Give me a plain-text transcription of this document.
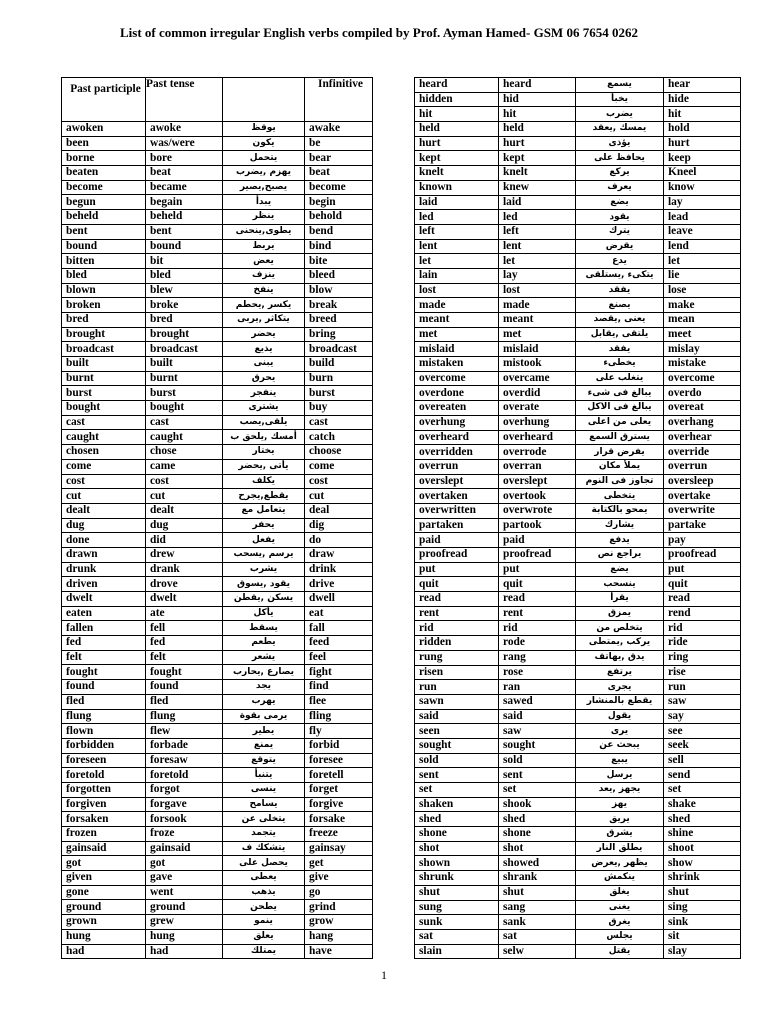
List of common irregular English verbs compiled by Prof. Ayman Hamed- GSM 06 7654 0262
Past participle	Past tense		Infinitive
awoken	awoke	يوقظ	awake
been	was/were	يكون	be
borne	bore	يتحمل	bear
beaten	beat	يهزم ,يضرب	beat
become	became	يصبح,يصير	become
begun	begain	يبدأ	begin
beheld	beheld	ينظر	behold
bent	bent	يطوى,ينحنى	bend
bound	bound	يربط	bind
bitten	bit	يعض	bite
bled	bled	ينزف	bleed
blown	blew	ينفخ	blow
broken	broke	يكسر ,يحطم	break
bred	bred	يتكاثر ,يربى	breed
brought	brought	يحضر	bring
broadcast	broadcast	يذيع	broadcast
built	built	يبنى	build
burnt	burnt	يحرق	burn
burst	burst	ينفجر	burst
bought	bought	يشترى	buy
cast	cast	يلقى,يصب	cast
caught	caught	أمسك ,يلحق ب	catch
chosen	chose	يختار	choose
come	came	يأتى ,يحضر	come
cost	cost	يكلف	cost
cut	cut	يقطع,يجرح	cut
dealt	dealt	يتعامل مع	deal
dug	dug	يحفر	dig
done	did	يفعل	do
drawn	drew	يرسم ,يسحب	draw
drunk	drank	يشرب	drink
driven	drove	يقود ,يسوق	drive
dwelt	dwelt	يسكن ,يقطن	dwell
eaten	ate	يأكل	eat
fallen	fell	يسقط	fall
fed	fed	يطعم	feed
felt	felt	يشعر	feel
fought	fought	يصارع ,يحارب	fight
found	found	يجد	find
fled	fled	يهرب	flee
flung	flung	يرمى بقوة	fling
flown	flew	يطير	fly
forbidden	forbade	يمنع	forbid
foreseen	foresaw	يتوقع	foresee
foretold	foretold	يتنبأ	foretell
forgotten	forgot	ينسى	forget
forgiven	forgave	يسامح	forgive
forsaken	forsook	يتخلى عن	forsake
frozen	froze	يتجمد	freeze
gainsaid	gainsaid	يتشكك ف	gainsay
got	got	يحصل على	get
given	gave	يعطى	give
gone	went	يذهب	go
ground	ground	يطحن	grind
grown	grew	ينمو	grow
hung	hung	يعلق	hang
had	had	يمتلك	have
heard	heard	يسمع	hear
hidden	hid	يخبأ	hide
hit	hit	يضرب	hit
held	held	يمسك ,يعقد	hold
hurt	hurt	يؤذى	hurt
kept	kept	يحافظ على	keep
knelt	knelt	يركع	Kneel
known	knew	يعرف	know
laid	laid	يضع	lay
led	led	يقود	lead
left	left	يترك	leave
lent	lent	يقرض	lend
let	let	يدع	let
lain	lay	يتكىء ,يستلقى	lie
lost	lost	يفقد	lose
made	made	يصنع	make
meant	meant	يعنى ,يقصد	mean
met	met	يلتقى ,يقابل	meet
mislaid	mislaid	يفقد	mislay
mistaken	mistook	يخطىء	mistake
overcome	overcame	يتغلب على	overcome
overdone	overdid	يبالغ فى شىء	overdo
overeaten	overate	يبالغ فى الاكل	overeat
overhung	overhung	يعلى من اعلى	overhang
overheard	overheard	يسترق السمع	overhear
overridden	overrode	يفرض قرار	override
overrun	overran	يملأ مكان	overrun
overslept	overslept	تجاوز فى النوم	oversleep
overtaken	overtook	يتخطى	overtake
overwritten	overwrote	يمحو بالكتابة	overwrite
partaken	partook	يشارك	partake
paid	paid	يدفع	pay
proofread	proofread	يراجع نص	proofread
put	put	يضع	put
quit	quit	ينسحب	quit
read	read	يقرأ	read
rent	rent	يمزق	rend
rid	rid	يتخلص من	rid
ridden	rode	يركب ,يمتطى	ride
rung	rang	يدق ,يهاتف	ring
risen	rose	يرتفع	rise
run	ran	يجرى	run
sawn	sawed	يقطع بالمنشار	saw
said	said	يقول	say
seen	saw	يرى	see
sought	sought	يبحث عن	seek
sold	sold	يبيع	sell
sent	sent	يرسل	send
set	set	يجهز ,يعد	set
shaken	shook	يهز	shake
shed	shed	يريق	shed
shone	shone	يشرق	shine
shot	shot	يطلق النار	shoot
shown	showed	يظهر ,يعرض	show
shrunk	shrank	ينكمش	shrink
shut	shut	يغلق	shut
sung	sang	يغنى	sing
sunk	sank	يغرق	sink
sat	sat	يجلس	sit
slain	selw	يقتل	slay
1
